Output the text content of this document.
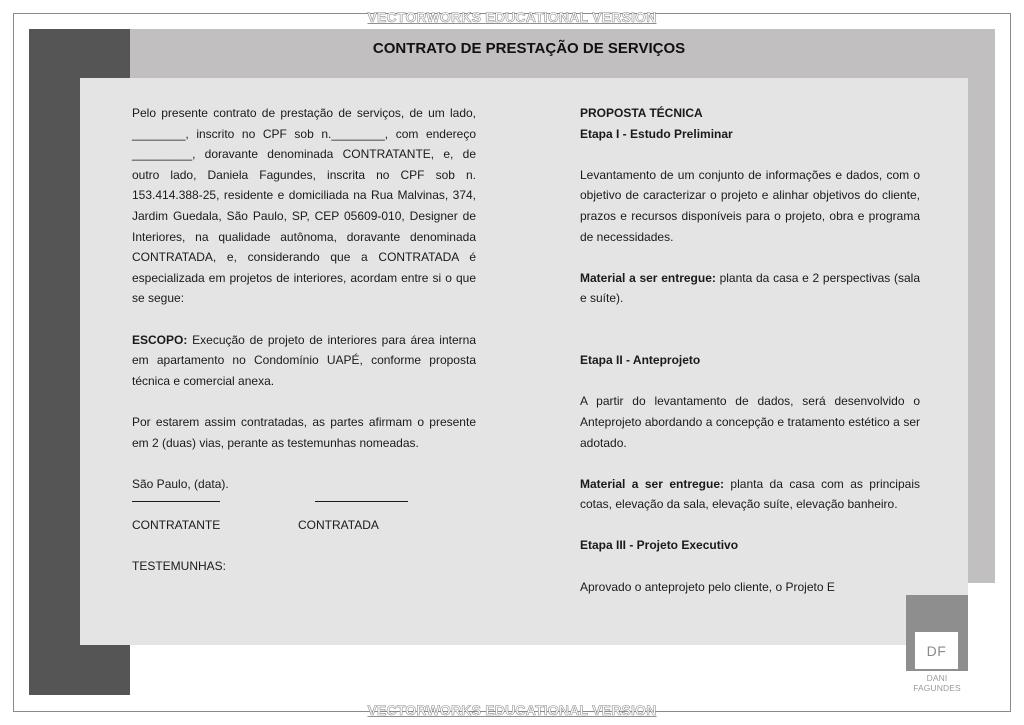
VECTORWORKS EDUCATIONAL VERSION
CONTRATO DE PRESTAÇÃO DE SERVIÇOS

Pelo presente contrato de prestação de serviços, de um lado, ________, inscrito no CPF sob n.________, com endereço _________, doravante denominada CONTRATANTE, e, de outro lado, Daniela Fagundes, inscrita no CPF sob n. 153.414.388-25, residente e domiciliada na Rua Malvinas, 374, Jardim Guedala, São Paulo, SP, CEP 05609-010, Designer de Interiores, na qualidade autônoma, doravante denominada CONTRATADA, e, considerando que a CONTRATADA é especializada em projetos de interiores, acordam entre si o que se segue:

ESCOPO: Execução de projeto de interiores para área interna em apartamento no Condomínio UAPÉ, conforme proposta técnica e comercial anexa.

Por estarem assim contratadas, as partes afirmam o presente em 2 (duas) vias, perante as testemunhas nomeadas.

São Paulo, (data).

CONTRATANTE	CONTRATADA

TESTEMUNHAS:

PROPOSTA TÉCNICA

Etapa I - Estudo Preliminar

Levantamento de um conjunto de informações e dados, com o objetivo de caracterizar o projeto e alinhar objetivos do cliente, prazos e recursos disponíveis para o projeto, obra e programa de necessidades.

Material a ser entregue: planta da casa e 2 perspectivas (sala e suíte).

Etapa II - Anteprojeto

A partir do levantamento de dados, será desenvolvido o Anteprojeto abordando a concepção e tratamento estético a ser adotado.

Material a ser entregue: planta da casa com as principais cotas, elevação da sala, elevação suíte, elevação banheiro.

Etapa III - Projeto Executivo

Aprovado o anteprojeto pelo cliente, o Projeto E

DF
DANI FAGUNDES
VECTORWORKS EDUCATIONAL VERSION
